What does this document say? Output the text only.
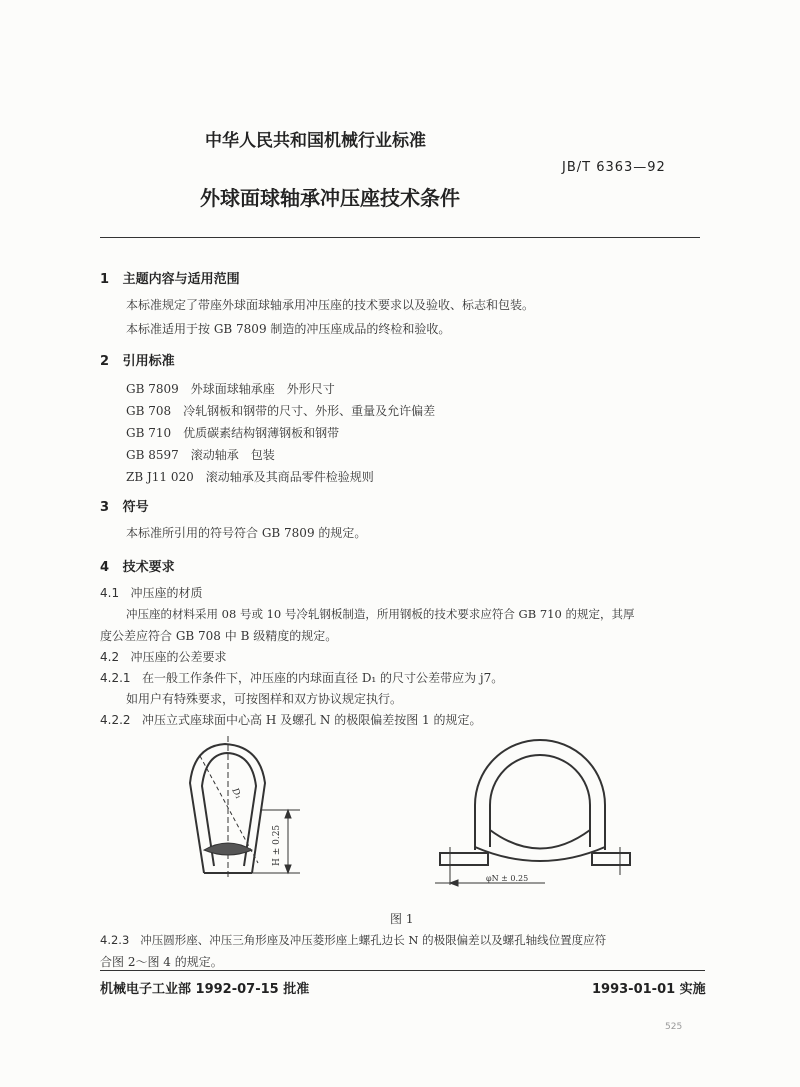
中华人民共和国机械行业标准
JB/T 6363—92
外球面球轴承冲压座技术条件
1 主题内容与适用范围
本标准规定了带座外球面球轴承用冲压座的技术要求以及验收、标志和包装。
本标准适用于按 GB 7809 制造的冲压座成品的终检和验收。
2 引用标准
GB 7809　外球面球轴承座　外形尺寸
GB 708　冷轧钢板和钢带的尺寸、外形、重量及允许偏差
GB 710　优质碳素结构钢薄钢板和钢带
GB 8597　滚动轴承　包装
ZB J11 020　滚动轴承及其商品零件检验规则
3 符号
本标准所引用的符号符合 GB 7809 的规定。
4 技术要求
4.1 冲压座的材质
冲压座的材料采用 08 号或 10 号冷轧钢板制造，所用钢板的技术要求应符合 GB 710 的规定，其厚
度公差应符合 GB 708 中 B 级精度的规定。
4.2 冲压座的公差要求
4.2.1 在一般工作条件下，冲压座的内球面直径 D₁ 的尺寸公差带应为 j7。
如用户有特殊要求，可按图样和双方协议规定执行。
4.2.2 冲压立式座球面中心高 H 及螺孔 N 的极限偏差按图 1 的规定。
D₁
H ± 0.25
φN ± 0.25
图 1
4.2.3 冲压圆形座、冲压三角形座及冲压菱形座上螺孔边长 N 的极限偏差以及螺孔轴线位置度应符
合图 2～图 4 的规定。
机械电子工业部 1992-07-15 批准	1993-01-01 实施
525
